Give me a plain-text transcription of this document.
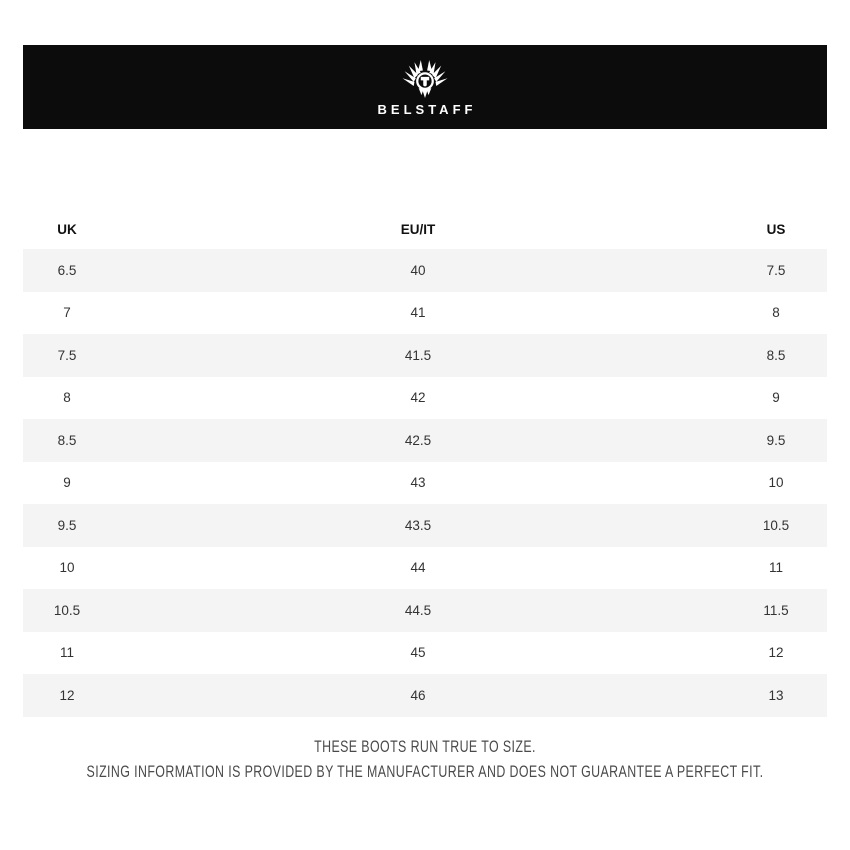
BELSTAFF
UK	EU/IT	US
6.5	40	7.5
7	41	8
7.5	41.5	8.5
8	42	9
8.5	42.5	9.5
9	43	10
9.5	43.5	10.5
10	44	11
10.5	44.5	11.5
11	45	12
12	46	13
THESE BOOTS RUN TRUE TO SIZE.
SIZING INFORMATION IS PROVIDED BY THE MANUFACTURER AND DOES NOT GUARANTEE A PERFECT FIT.
